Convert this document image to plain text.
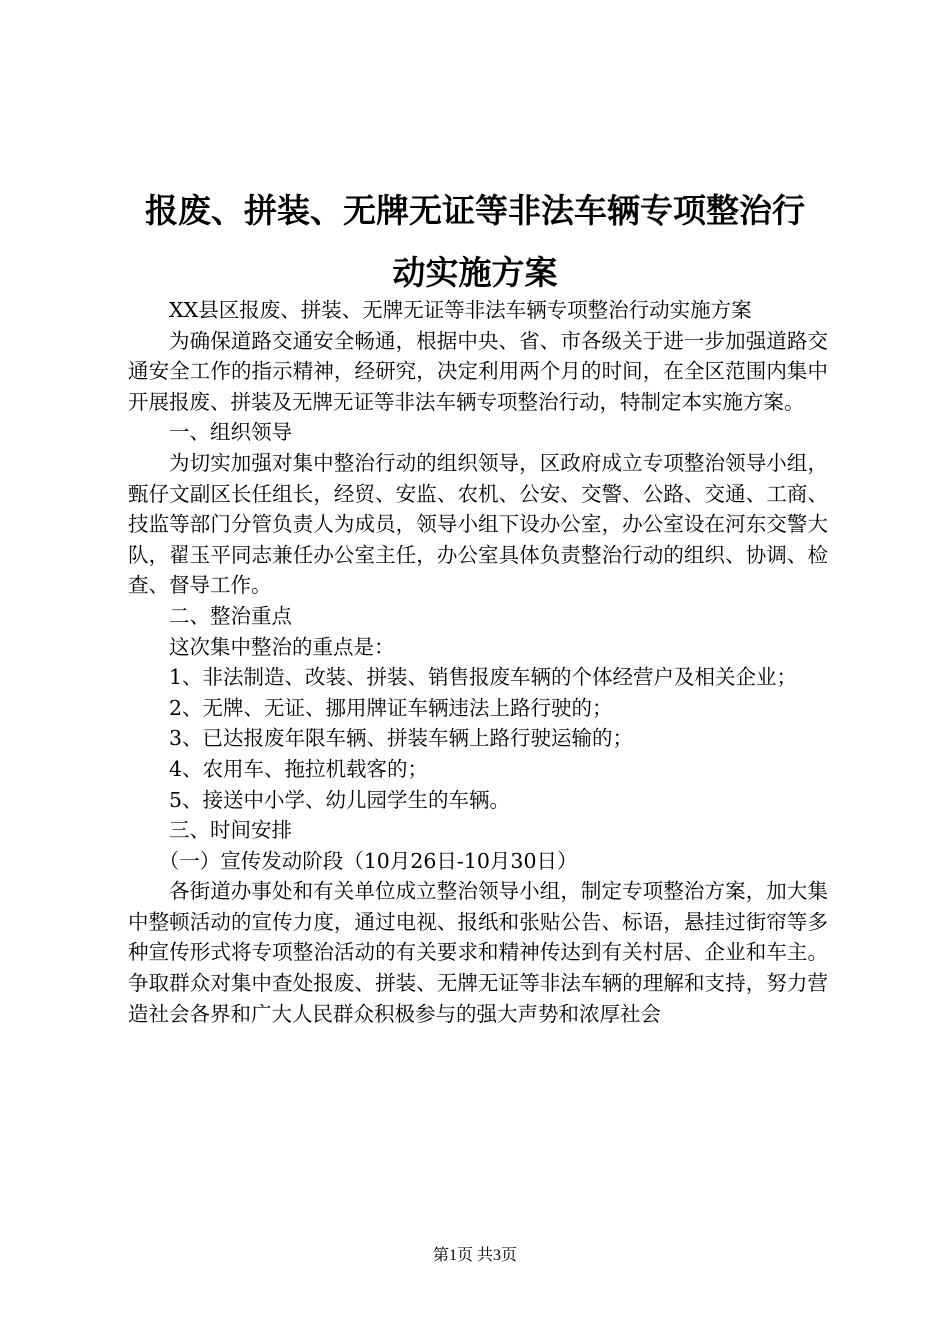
报废、拼装、无牌无证等非法车辆专项整治行
动实施方案

XX县区报废、拼装、无牌无证等非法车辆专项整治行动实施方案

为确保道路交通安全畅通，根据中央、省、市各级关于进一步加强道路交通安全工作的指示精神，经研究，决定利用两个月的时间，在全区范围内集中开展报废、拼装及无牌无证等非法车辆专项整治行动，特制定本实施方案。

一、组织领导

为切实加强对集中整治行动的组织领导，区政府成立专项整治领导小组，甄仔文副区长任组长，经贸、安监、农机、公安、交警、公路、交通、工商、技监等部门分管负责人为成员，领导小组下设办公室，办公室设在河东交警大队，翟玉平同志兼任办公室主任，办公室具体负责整治行动的组织、协调、检查、督导工作。

二、整治重点

这次集中整治的重点是：

1、非法制造、改装、拼装、销售报废车辆的个体经营户及相关企业；

2、无牌、无证、挪用牌证车辆违法上路行驶的；

3、已达报废年限车辆、拼装车辆上路行驶运输的；

4、农用车、拖拉机载客的；

5、接送中小学、幼儿园学生的车辆。

三、时间安排

（一）宣传发动阶段（10月26日-10月30日）

各街道办事处和有关单位成立整治领导小组，制定专项整治方案，加大集中整顿活动的宣传力度，通过电视、报纸和张贴公告、标语，悬挂过街帘等多种宣传形式将专项整治活动的有关要求和精神传达到有关村居、企业和车主。争取群众对集中查处报废、拼装、无牌无证等非法车辆的理解和支持，努力营造社会各界和广大人民群众积极参与的强大声势和浓厚社会

第1页 共3页
